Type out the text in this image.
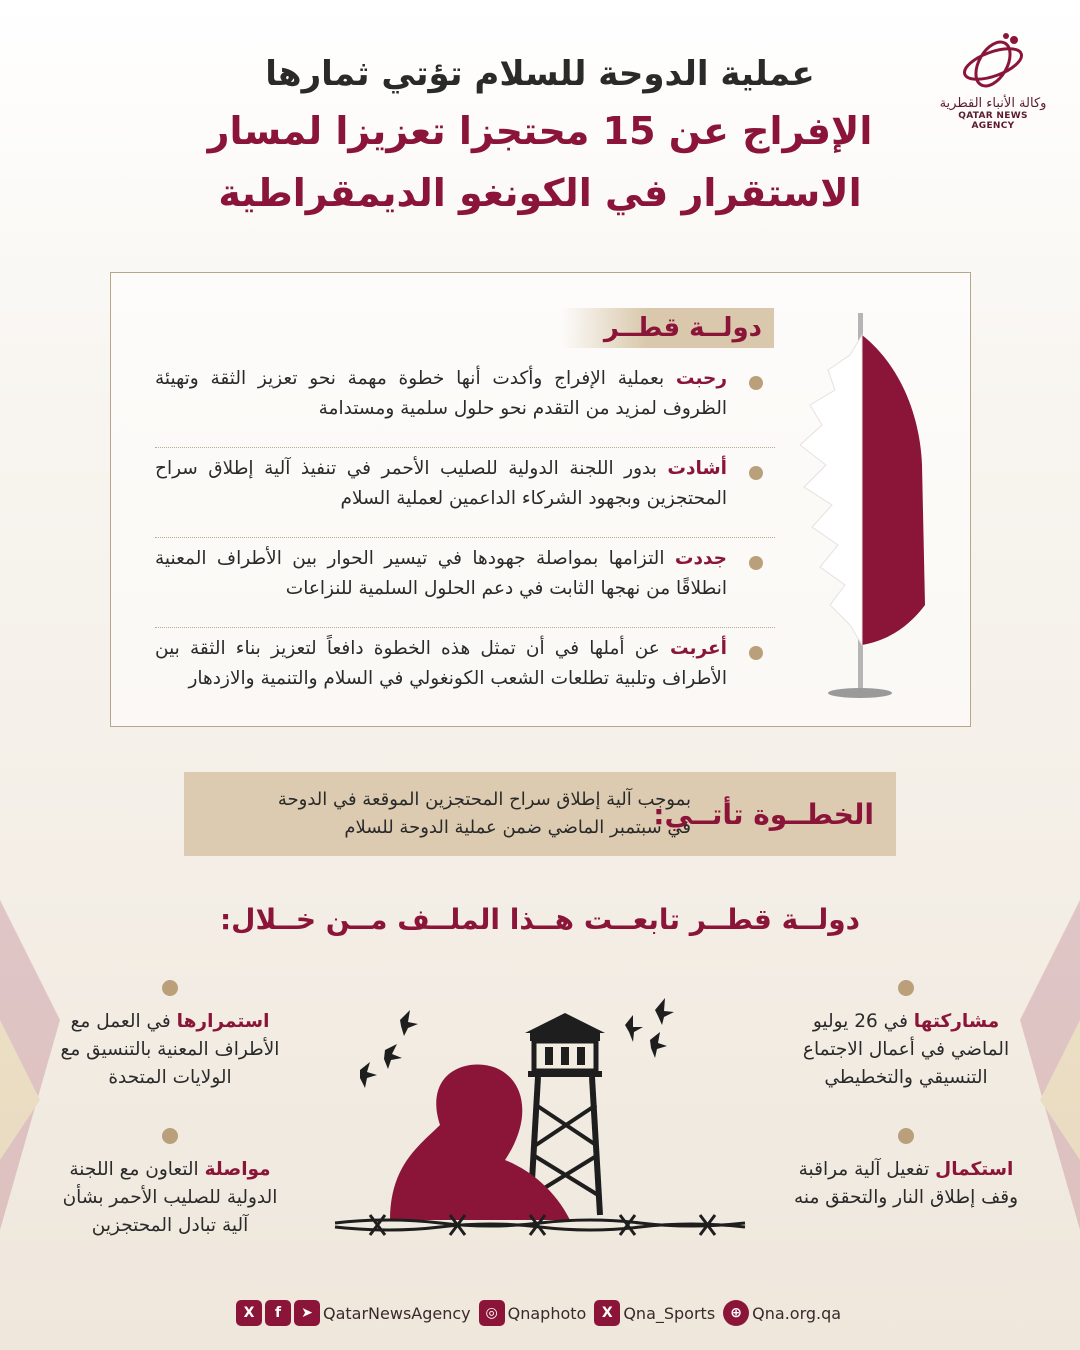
وكالة الأنباء القطرية
QATAR NEWS AGENCY
عملية الدوحة للسلام تؤتي ثمارها
الإفراج عن 15 محتجزا تعزيزا لمسار
الاستقرار في الكونغو الديمقراطية
دولــة قطــر
رحبت بعملية الإفراج وأكدت أنها خطوة مهمة نحو تعزيز الثقة وتهيئة الظروف لمزيد من التقدم نحو حلول سلمية ومستدامة
أشادت بدور اللجنة الدولية للصليب الأحمر في تنفيذ آلية إطلاق سراح المحتجزين وبجهود الشركاء الداعمين لعملية السلام
جددت التزامها بمواصلة جهودها في تيسير الحوار بين الأطراف المعنية انطلاقًا من نهجها الثابت في دعم الحلول السلمية للنزاعات
أعربت عن أملها في أن تمثل هذه الخطوة دافعاً لتعزيز بناء الثقة بين الأطراف وتلبية تطلعات الشعب الكونغولي في السلام والتنمية والازدهار
الخطــوة تأتــي:
بموجب آلية إطلاق سراح المحتجزين الموقعة في الدوحة
في سبتمبر الماضي ضمن عملية الدوحة للسلام
دولــة قطــر تابعــت هــذا الملــف مــن خــلال:
مشاركتها في 26 يوليو الماضي في أعمال الاجتماع التنسيقي والتخطيطي
استمرارها في العمل مع الأطراف المعنية بالتنسيق مع الولايات المتحدة
استكمال تفعيل آلية مراقبة وقف إطلاق النار والتحقق منه
مواصلة التعاون مع اللجنة الدولية للصليب الأحمر بشأن آلية تبادل المحتجزين
X	f	➤ QatarNewsAgency	◎ Qnaphoto	X Qna_Sports	⊕ Qna.org.qa
